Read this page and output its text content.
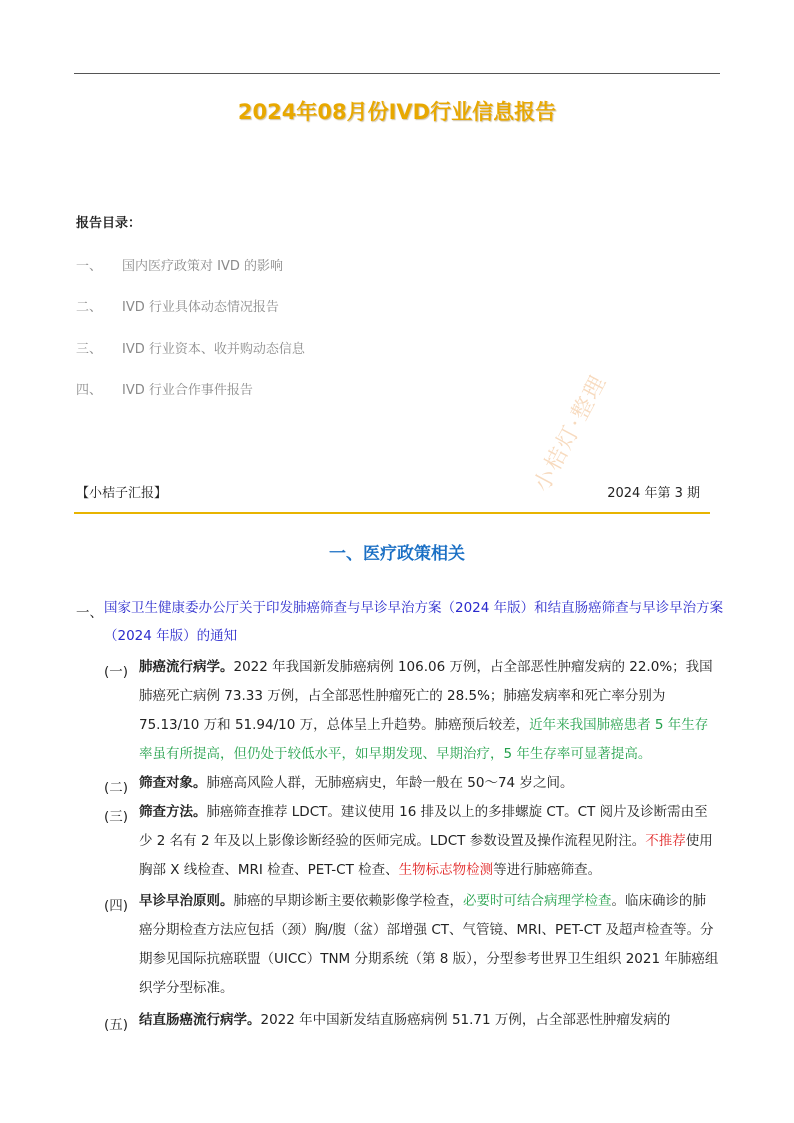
2024年08月份IVD行业信息报告
报告目录：
一、 国内医疗政策对 IVD 的影响
二、 IVD 行业具体动态情况报告
三、 IVD 行业资本、收并购动态信息
四、 IVD 行业合作事件报告
【小桔子汇报】	2024 年第 3 期
小桔灯·整理
一、医疗政策相关
一、 国家卫生健康委办公厅关于印发肺癌筛查与早诊早治方案（2024 年版）和结直肠癌筛查与早诊早治方案（2024 年版）的通知
(一) 肺癌流行病学。2022 年我国新发肺癌病例 106.06 万例，占全部恶性肿瘤发病的 22.0%；我国肺癌死亡病例 73.33 万例，占全部恶性肿瘤死亡的 28.5%；肺癌发病率和死亡率分别为 75.13/10 万和 51.94/10 万，总体呈上升趋势。肺癌预后较差，近年来我国肺癌患者 5 年生存率虽有所提高，但仍处于较低水平，如早期发现、早期治疗，5 年生存率可显著提高。
(二) 筛查对象。肺癌高风险人群，无肺癌病史，年龄一般在 50～74 岁之间。
(三) 筛查方法。肺癌筛查推荐 LDCT。建议使用 16 排及以上的多排螺旋 CT。CT 阅片及诊断需由至少 2 名有 2 年及以上影像诊断经验的医师完成。LDCT 参数设置及操作流程见附注。不推荐使用胸部 X 线检查、MRI 检查、PET-CT 检查、生物标志物检测等进行肺癌筛查。
(四) 早诊早治原则。肺癌的早期诊断主要依赖影像学检查，必要时可结合病理学检查。临床确诊的肺癌分期检查方法应包括（颈）胸/腹（盆）部增强 CT、气管镜、MRI、PET-CT 及超声检查等。分期参见国际抗癌联盟（UICC）TNM 分期系统（第 8 版），分型参考世界卫生组织 2021 年肺癌组织学分型标准。
(五) 结直肠癌流行病学。2022 年中国新发结直肠癌病例 51.71 万例，占全部恶性肿瘤发病的
